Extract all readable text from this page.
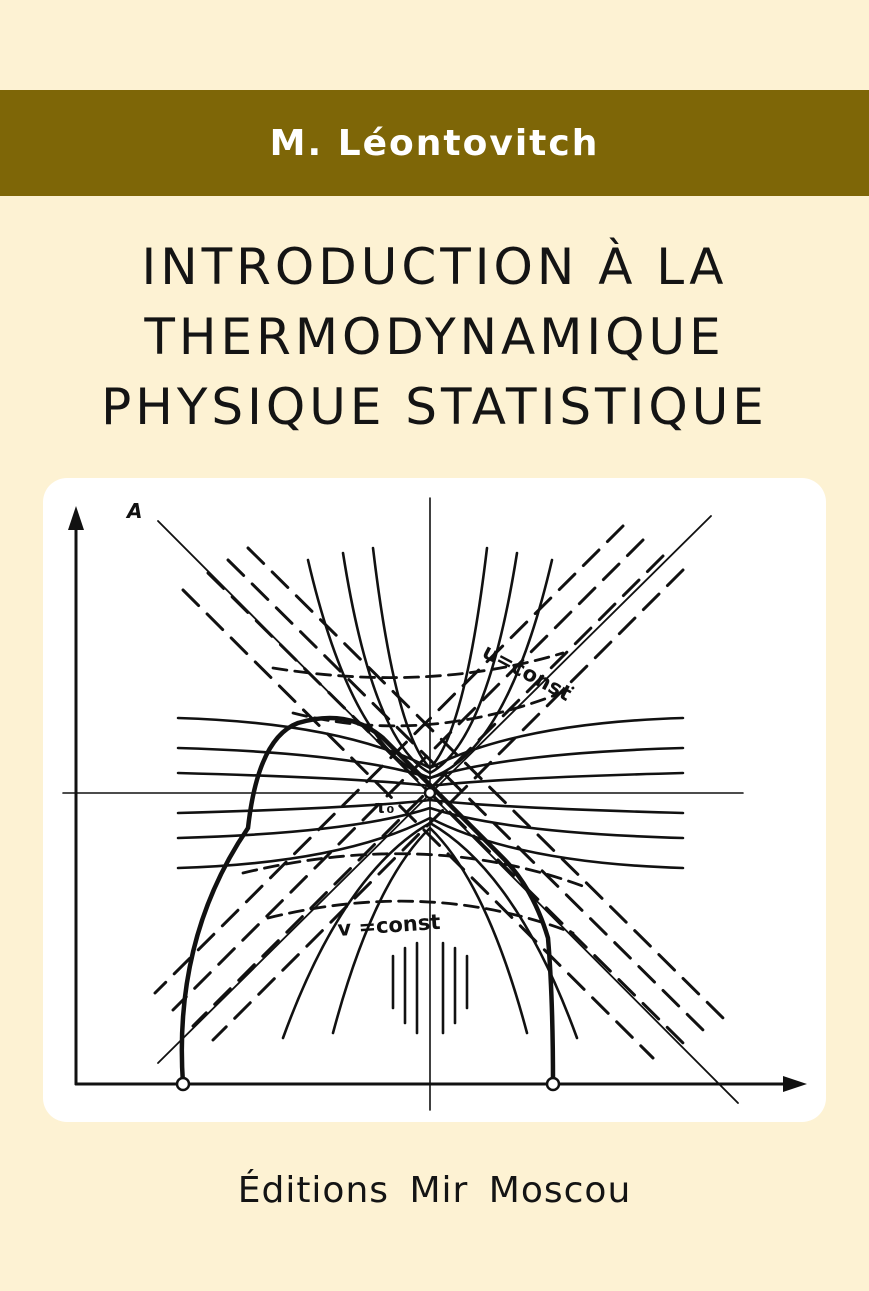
M. Léontovitch
INTRODUCTION À LA
THERMODYNAMIQUE
PHYSIQUE STATISTIQUE
A
u=const
v =const
τ₀
Éditions Mir Moscou
